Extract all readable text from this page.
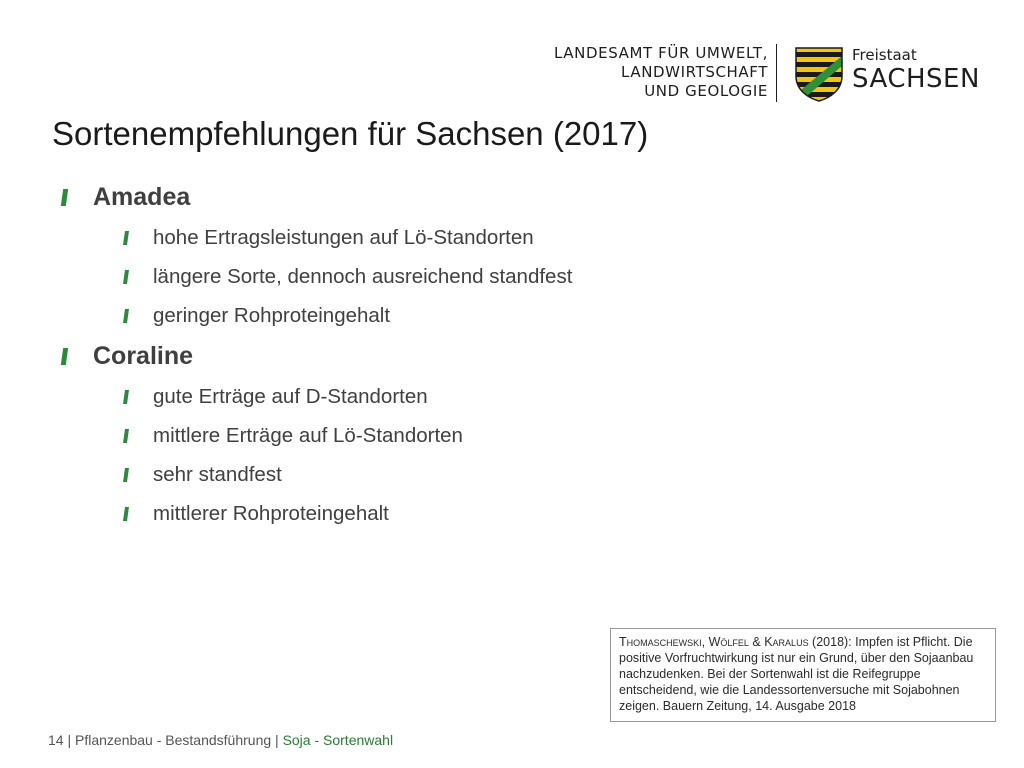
LANDESAMT FÜR UMWELT,
LANDWIRTSCHAFT
UND GEOLOGIE
Freistaat
SACHSEN
Sortenempfehlungen für Sachsen (2017)
Amadea
hohe Ertragsleistungen auf Lö-Standorten
längere Sorte, dennoch ausreichend standfest
geringer Rohproteingehalt
Coraline
gute Erträge auf D-Standorten
mittlere Erträge auf Lö-Standorten
sehr standfest
mittlerer Rohproteingehalt
Thomaschewski, Wölfel & Karalus (2018): Impfen ist Pflicht. Die positive Vorfruchtwirkung ist nur ein Grund, über den Sojaanbau nachzudenken. Bei der Sortenwahl ist die Reifegruppe entscheidend, wie die Landessortenversuche mit Sojabohnen zeigen. Bauern Zeitung, 14. Ausgabe 2018
14 | Pflanzenbau - Bestandsführung | Soja - Sortenwahl
